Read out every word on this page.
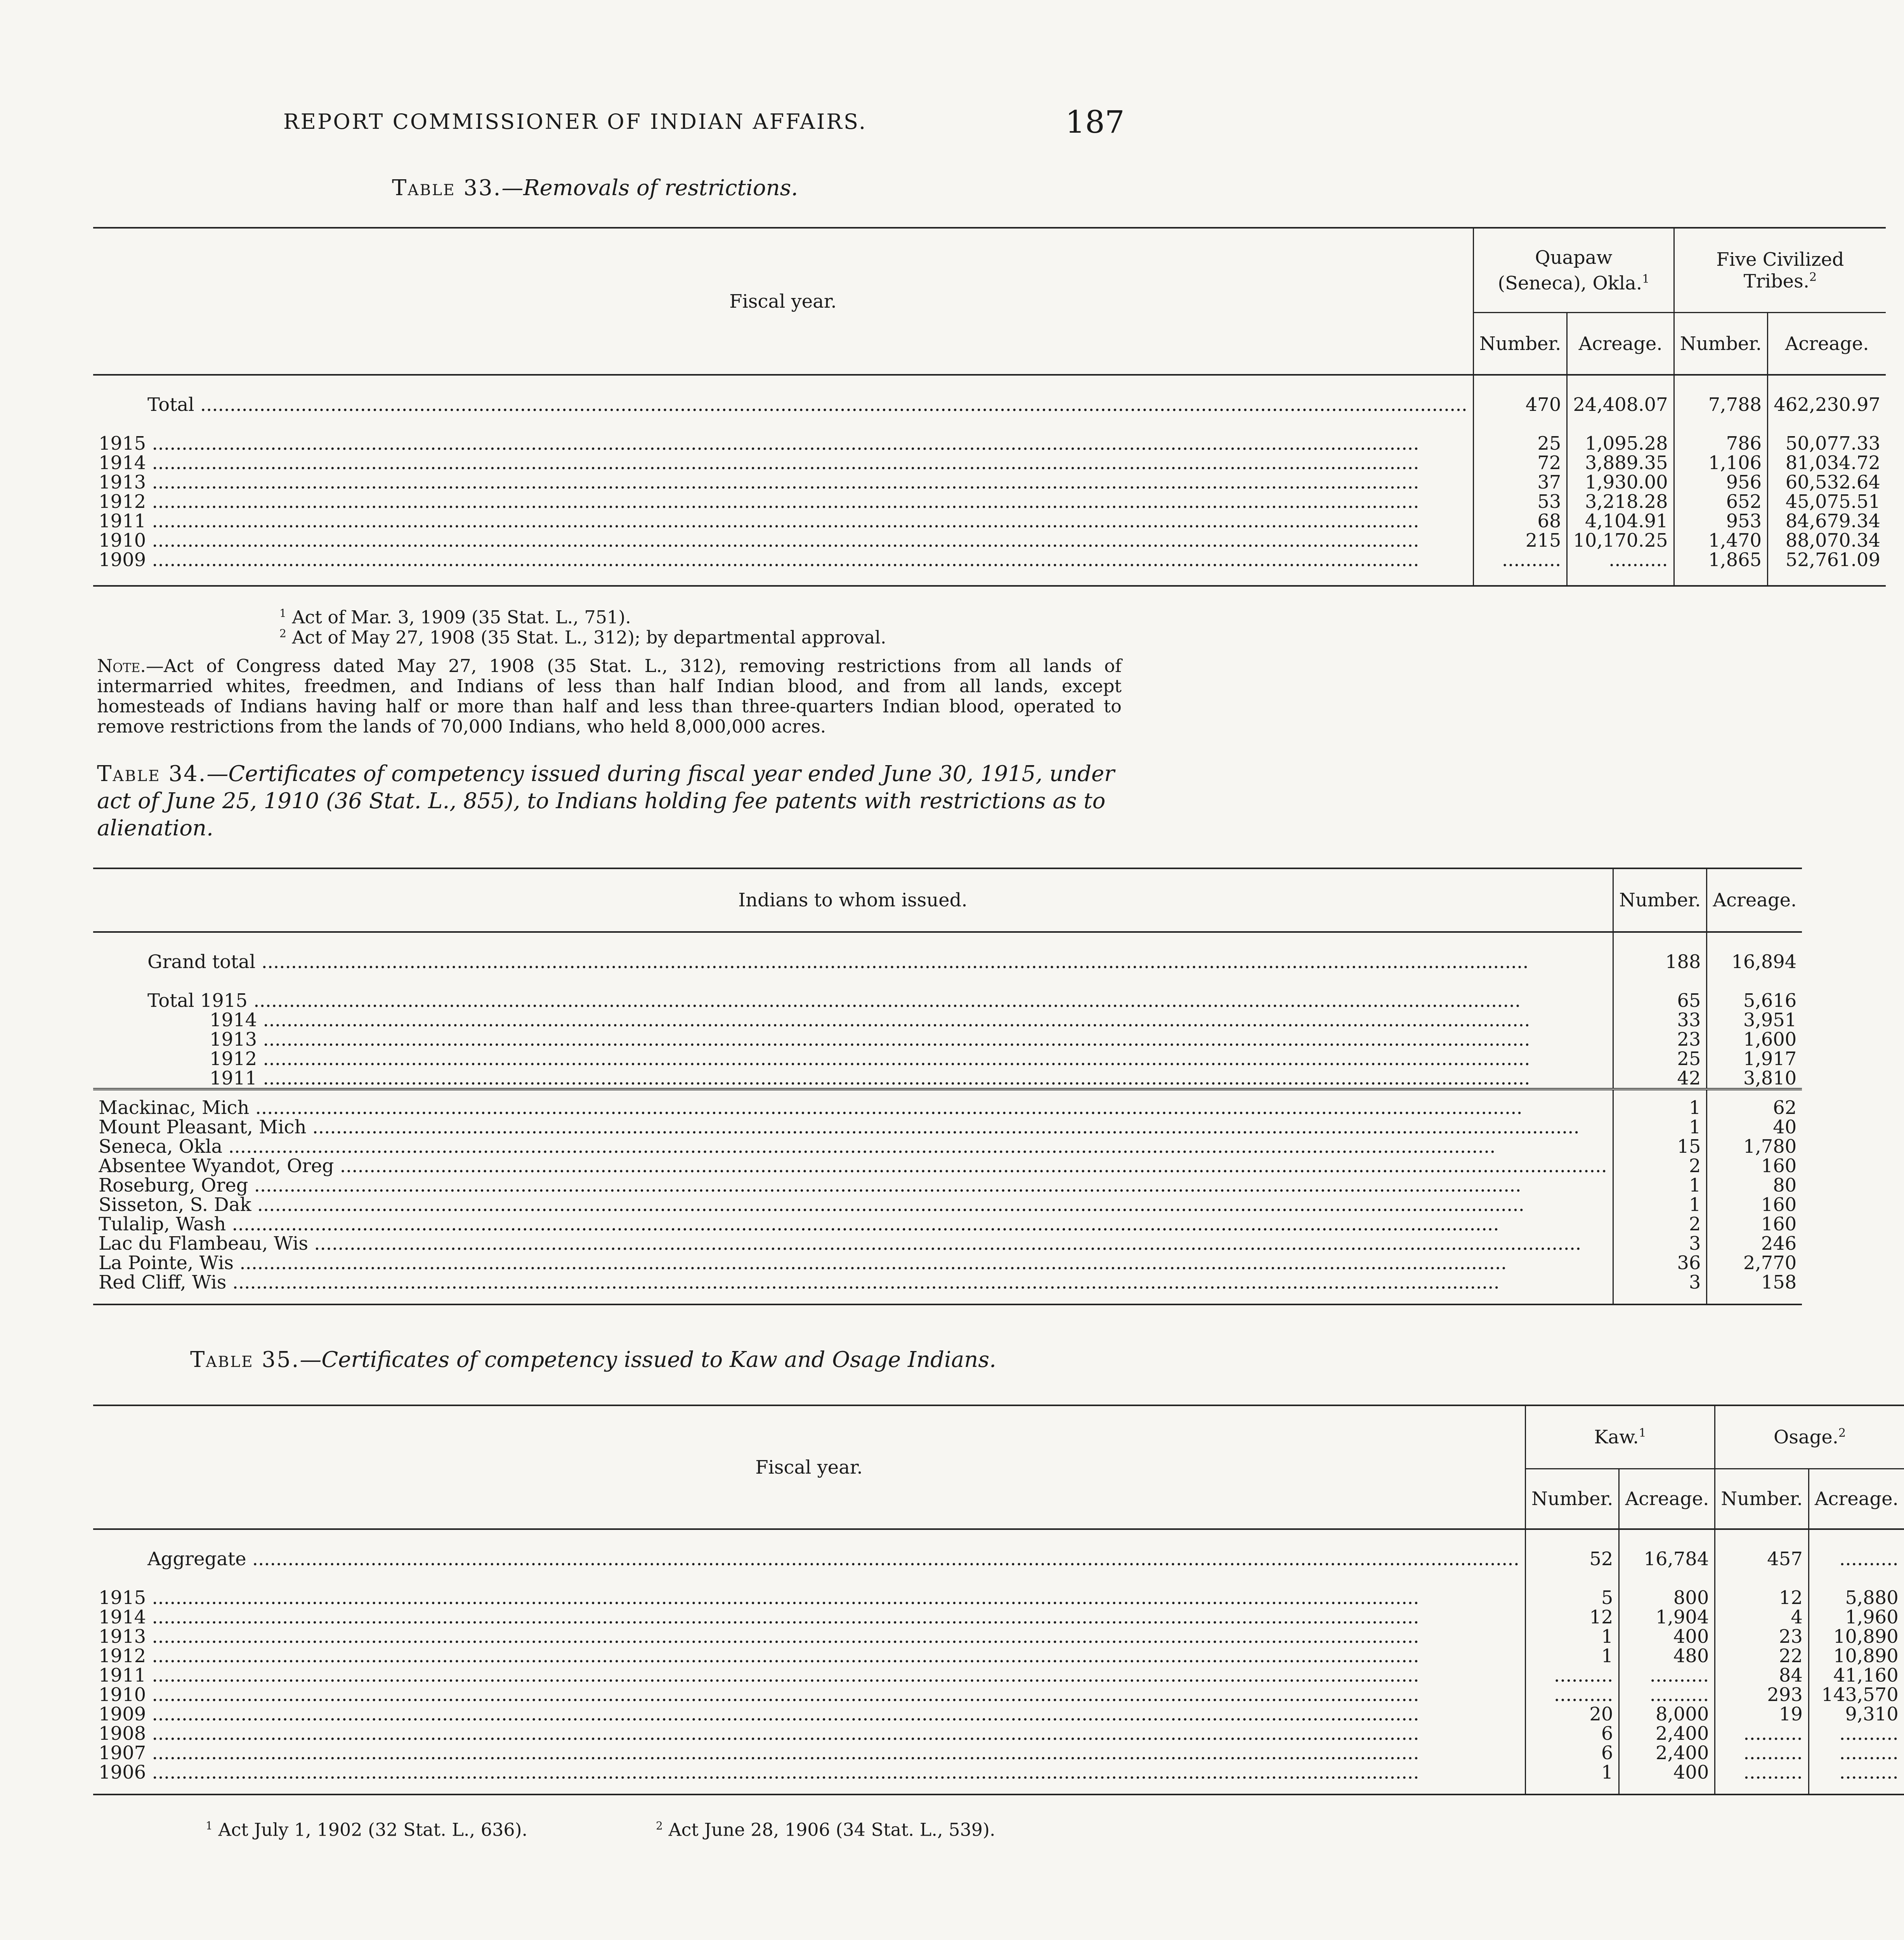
REPORT COMMISSIONER OF INDIAN AFFAIRS.	187
Table 33.—Removals of restrictions.
Fiscal year.	Quapaw (Seneca), Okla.$^1$		Five Civilized Tribes.$^2$
	Number.	Acreage.	Number.	Acreage.
Total .....	470	24,408.07	7,788	462,230.97
1915 .....	25	1,095.28	786	50,077.33
1914 .....	72	3,889.35	1,106	81,034.72
1913 .....	37	1,930.00	956	60,532.64
1912 .....	53	3,218.28	652	45,075.51
1911 .....	68	4,104.91	953	84,679.34
1910 .....	215	10,170.25	1,470	88,070.34
1909 .....	..........	..........	1,865	52,761.09
$^1$ Act of Mar. 3, 1909 (35 Stat. L., 751).
$^2$ Act of May 27, 1908 (35 Stat. L., 312); by departmental approval.
Note.—Act of Congress dated May 27, 1908 (35 Stat. L., 312), removing restrictions from all lands of intermarried whites, freedmen, and Indians of less than half Indian blood, and from all lands, except homesteads of Indians having half or more than half and less than three-quarters Indian blood, operated to remove restrictions from the lands of 70,000 Indians, who held 8,000,000 acres.
Table 34.—Certificates of competency issued during fiscal year ended June 30, 1915, under act of June 25, 1910 (36 Stat. L., 855), to Indians holding fee patents with restrictions as to alienation.
Indians to whom issued.	Number.	Acreage.
Grand total .....	188	16,894
Total 1915 .....	65	5,616
1914 .....	33	3,951
1913 .....	23	1,600
1912 .....	25	1,917
1911 .....	42	3,810
Mackinac, Mich .....	1	62
Mount Pleasant, Mich .....	1	40
Seneca, Okla .....	15	1,780
Absentee Wyandot, Oreg .....	2	160
Roseburg, Oreg .....	1	80
Sisseton, S. Dak .....	1	160
Tulalip, Wash .....	2	160
Lac du Flambeau, Wis .....	3	246
La Pointe, Wis .....	36	2,770
Red Cliff, Wis .....	3	158
Table 35.—Certificates of competency issued to Kaw and Osage Indians.
Fiscal year.	Kaw.$^1$		Osage.$^2$
	Number.	Acreage.	Number.	Acreage.
Aggregate .....	52	16,784	457	..........
1915 .....	5	800	12	5,880
1914 .....	12	1,904	4	1,960
1913 .....	1	400	23	10,890
1912 .....	1	480	22	10,890
1911 .....	..........	..........	84	41,160
1910 .....	..........	..........	293	143,570
1909 .....	20	8,000	19	9,310
1908 .....	6	2,400	..........	..........
1907 .....	6	2,400	..........	..........
1906 .....	1	400	..........	..........
$^1$ Act July 1, 1902 (32 Stat. L., 636).	$^2$ Act June 28, 1906 (34 Stat. L., 539).
